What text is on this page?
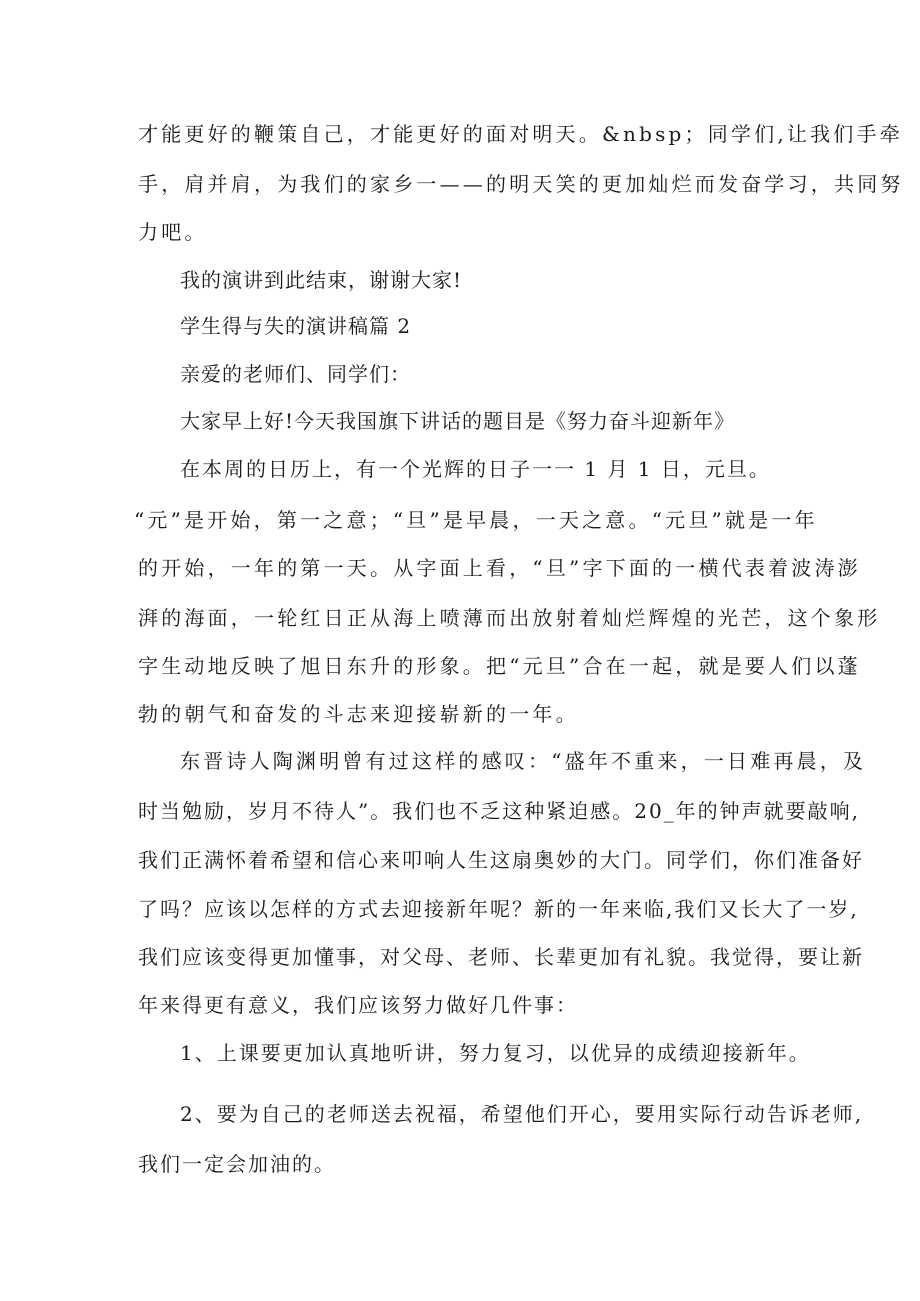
才能更好的鞭策自己，才能更好的面对明天。&nbsp；同学们,让我们手牵
手，肩并肩，为我们的家乡一——的明天笑的更加灿烂而发奋学习，共同努
力吧。
我的演讲到此结束，谢谢大家!
学生得与失的演讲稿篇 2
亲爱的老师们、同学们：
大家早上好!今天我国旗下讲话的题目是《努力奋斗迎新年》
在本周的日历上，有一个光辉的日子一一 1 月 1 日，元旦。
“元”是开始，第一之意；“旦”是早晨，一天之意。“元旦”就是一年
的开始，一年的第一天。从字面上看，“旦”字下面的一横代表着波涛澎
湃的海面，一轮红日正从海上喷薄而出放射着灿烂辉煌的光芒，这个象形
字生动地反映了旭日东升的形象。把“元旦”合在一起，就是要人们以蓬
勃的朝气和奋发的斗志来迎接崭新的一年。
东晋诗人陶渊明曾有过这样的感叹：“盛年不重来，一日难再晨，及
时当勉励，岁月不待人”。我们也不乏这种紧迫感。20_年的钟声就要敲响,
我们正满怀着希望和信心来叩响人生这扇奥妙的大门。同学们，你们准备好
了吗？应该以怎样的方式去迎接新年呢？新的一年来临,我们又长大了一岁,
我们应该变得更加懂事，对父母、老师、长辈更加有礼貌。我觉得，要让新
年来得更有意义，我们应该努力做好几件事：
1、上课要更加认真地听讲，努力复习，以优异的成绩迎接新年。
2、要为自己的老师送去祝福，希望他们开心，要用实际行动告诉老师,
我们一定会加油的。
